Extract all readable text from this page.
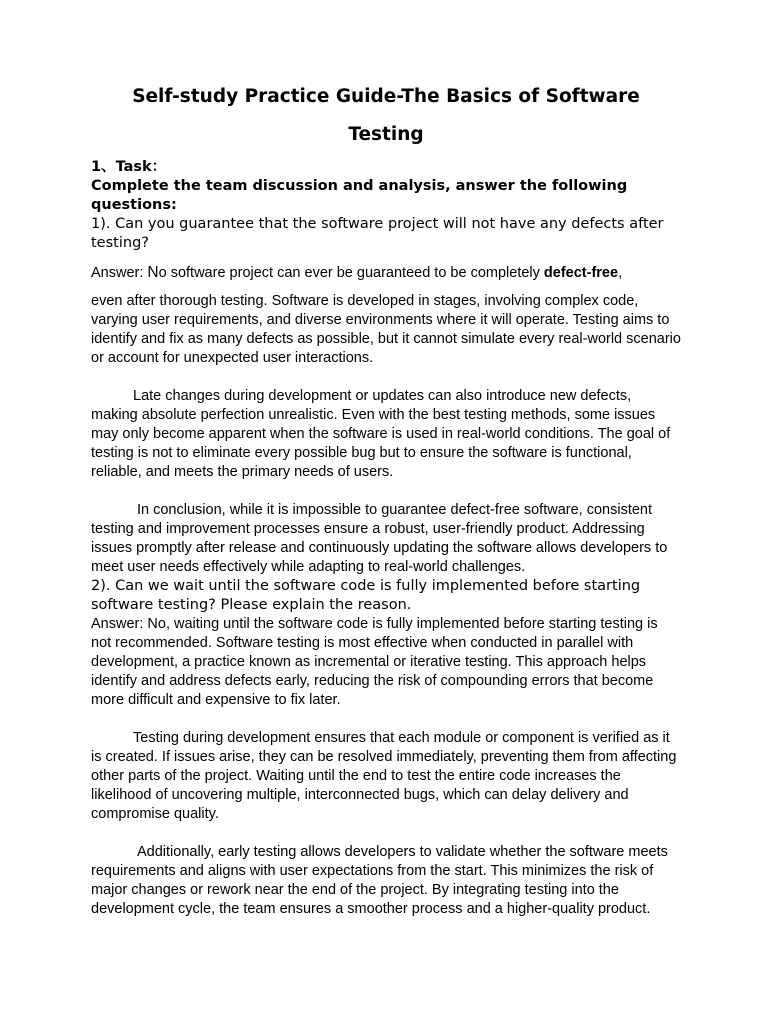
Self-study Practice Guide-The Basics of Software
Testing

1、Task：

Complete the team discussion and analysis, answer the following questions:

1). Can you guarantee that the software project will not have any defects after testing?

Answer: No software project can ever be guaranteed to be completely defect-free,

even after thorough testing. Software is developed in stages, involving complex code, varying user requirements, and diverse environments where it will operate. Testing aims to identify and fix as many defects as possible, but it cannot simulate every real-world scenario or account for unexpected user interactions.

Late changes during development or updates can also introduce new defects, making absolute perfection unrealistic. Even with the best testing methods, some issues may only become apparent when the software is used in real-world conditions. The goal of testing is not to eliminate every possible bug but to ensure the software is functional, reliable, and meets the primary needs of users.

In conclusion, while it is impossible to guarantee defect-free software, consistent testing and improvement processes ensure a robust, user-friendly product. Addressing issues promptly after release and continuously updating the software allows developers to meet user needs effectively while adapting to real-world challenges.

2). Can we wait until the software code is fully implemented before starting software testing? Please explain the reason.

Answer: No, waiting until the software code is fully implemented before starting testing is not recommended. Software testing is most effective when conducted in parallel with development, a practice known as incremental or iterative testing. This approach helps identify and address defects early, reducing the risk of compounding errors that become more difficult and expensive to fix later.

Testing during development ensures that each module or component is verified as it is created. If issues arise, they can be resolved immediately, preventing them from affecting other parts of the project. Waiting until the end to test the entire code increases the likelihood of uncovering multiple, interconnected bugs, which can delay delivery and compromise quality.

Additionally, early testing allows developers to validate whether the software meets requirements and aligns with user expectations from the start. This minimizes the risk of major changes or rework near the end of the project. By integrating testing into the development cycle, the team ensures a smoother process and a higher-quality product.
